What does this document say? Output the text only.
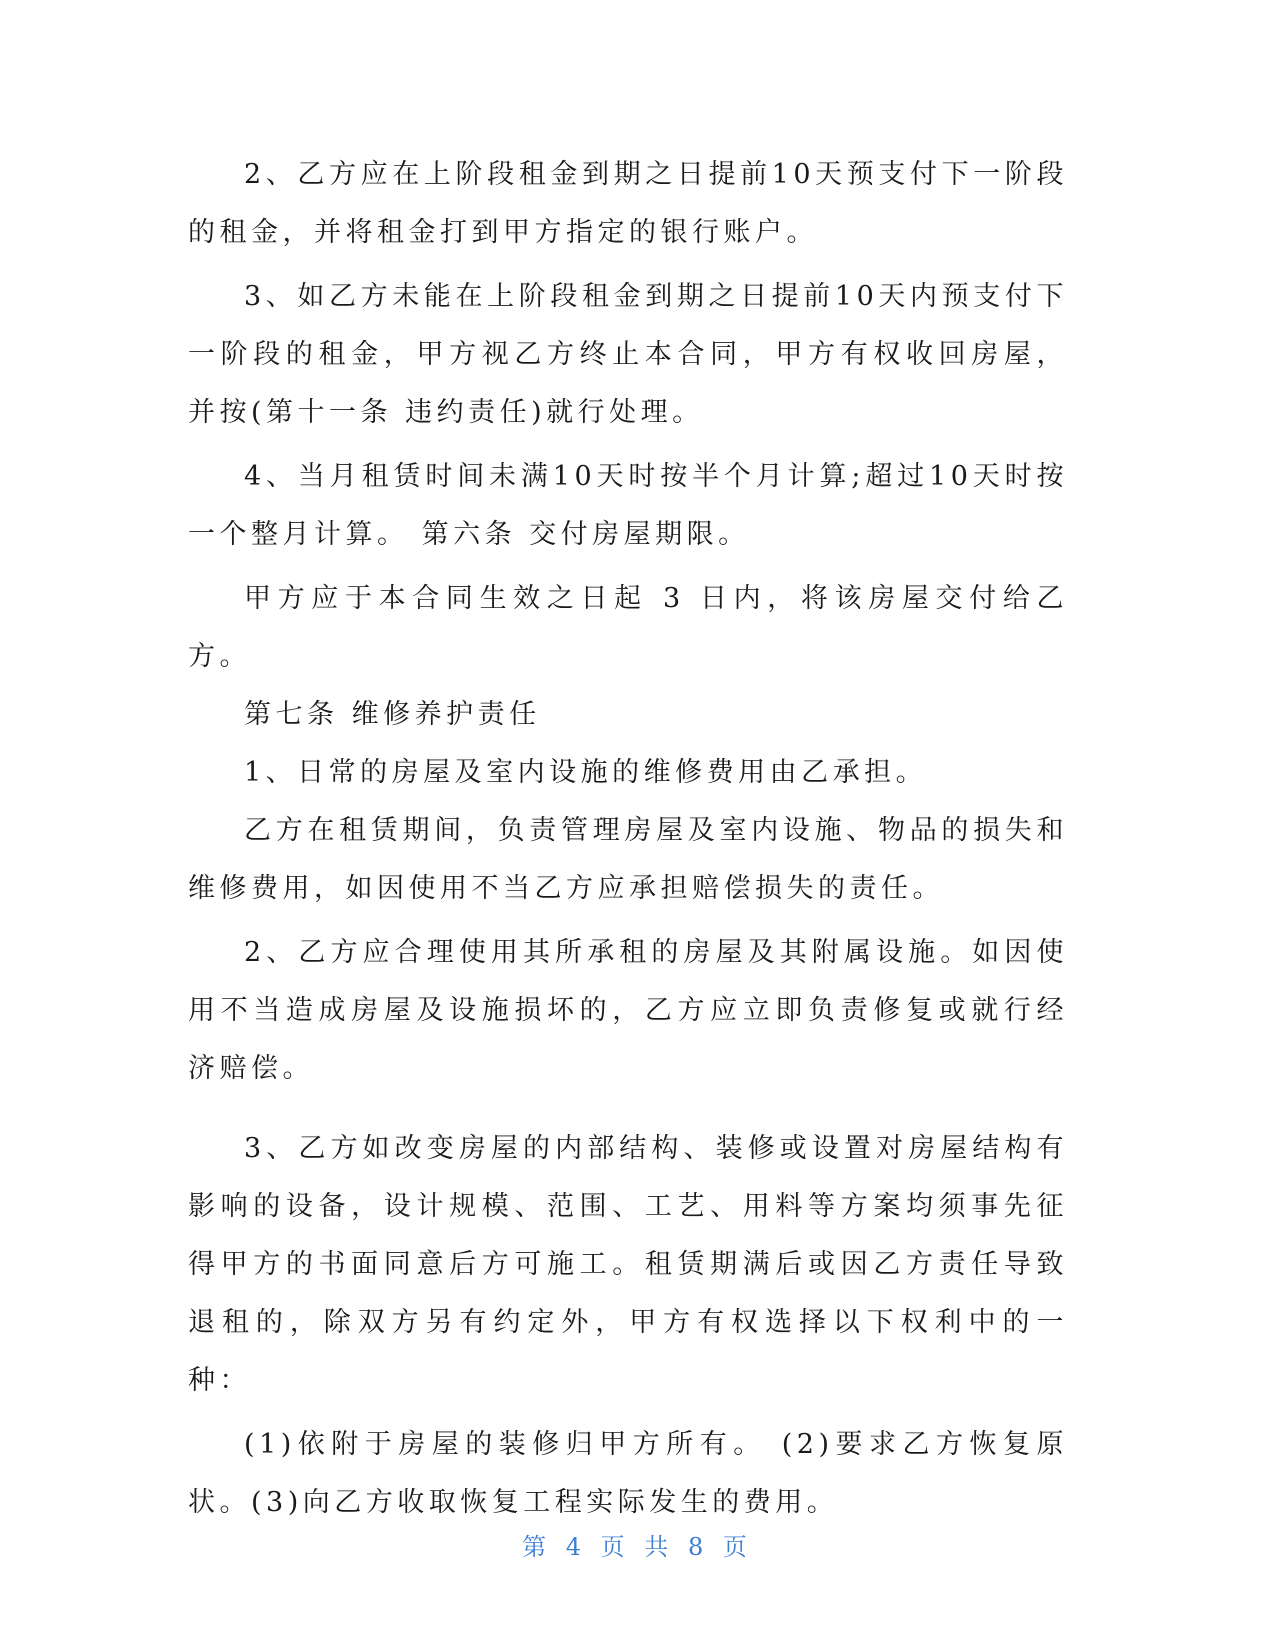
2、乙方应在上阶段租金到期之日提前10天预支付下一阶段的租金，并将租金打到甲方指定的银行账户。

3、如乙方未能在上阶段租金到期之日提前10天内预支付下一阶段的租金，甲方视乙方终止本合同，甲方有权收回房屋，并按(第十一条 违约责任)就行处理。

4、当月租赁时间未满10天时按半个月计算;超过10天时按一个整月计算。 第六条 交付房屋期限。

甲方应于本合同生效之日起 3 日内，将该房屋交付给乙方。

第七条 维修养护责任

1、日常的房屋及室内设施的维修费用由乙承担。

乙方在租赁期间，负责管理房屋及室内设施、物品的损失和维修费用，如因使用不当乙方应承担赔偿损失的责任。

2、乙方应合理使用其所承租的房屋及其附属设施。如因使用不当造成房屋及设施损坏的，乙方应立即负责修复或就行经济赔偿。

3、乙方如改变房屋的内部结构、装修或设置对房屋结构有影响的设备，设计规模、范围、工艺、用料等方案均须事先征得甲方的书面同意后方可施工。租赁期满后或因乙方责任导致退租的，除双方另有约定外，甲方有权选择以下权利中的一种：

(1)依附于房屋的装修归甲方所有。 (2)要求乙方恢复原状。(3)向乙方收取恢复工程实际发生的费用。

第 4 页 共 8 页
